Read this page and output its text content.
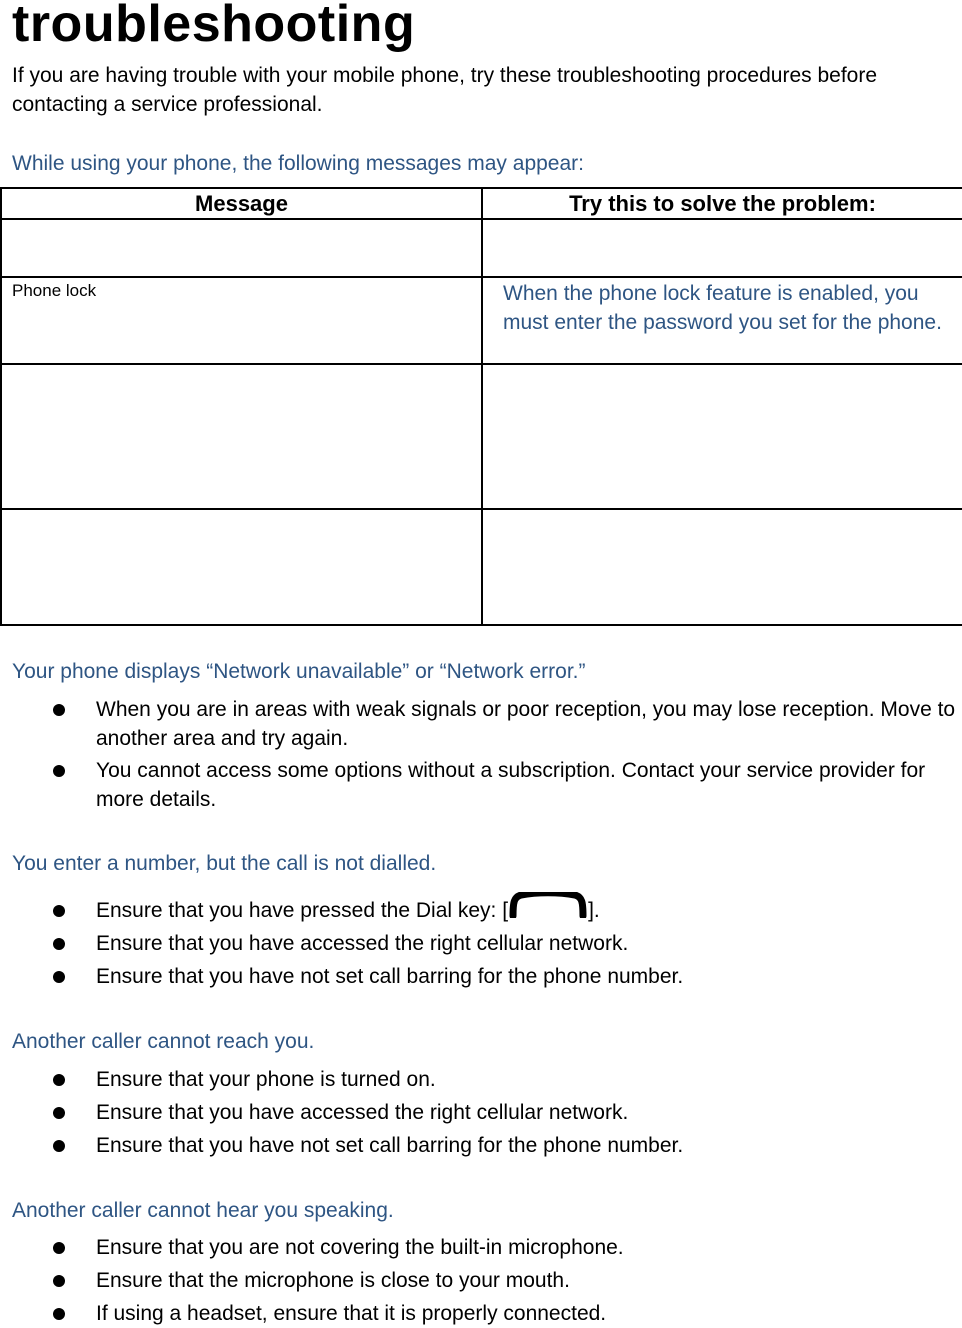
troubleshooting

If you are having trouble with your mobile phone, try these troubleshooting procedures before contacting a service professional.

While using your phone, the following messages may appear:

Message	Try this to solve the problem:

Phone lock	When the phone lock feature is enabled, you must enter the password you set for the phone.

Your phone displays “Network unavailable” or “Network error.”

When you are in areas with weak signals or poor reception, you may lose reception. Move to another area and try again.
You cannot access some options without a subscription. Contact your service provider for more details.

You enter a number, but the call is not dialled.

Ensure that you have pressed the Dial key: [	].
Ensure that you have accessed the right cellular network.
Ensure that you have not set call barring for the phone number.

Another caller cannot reach you.

Ensure that your phone is turned on.
Ensure that you have accessed the right cellular network.
Ensure that you have not set call barring for the phone number.

Another caller cannot hear you speaking.

Ensure that you are not covering the built-in microphone.
Ensure that the microphone is close to your mouth.
If using a headset, ensure that it is properly connected.
